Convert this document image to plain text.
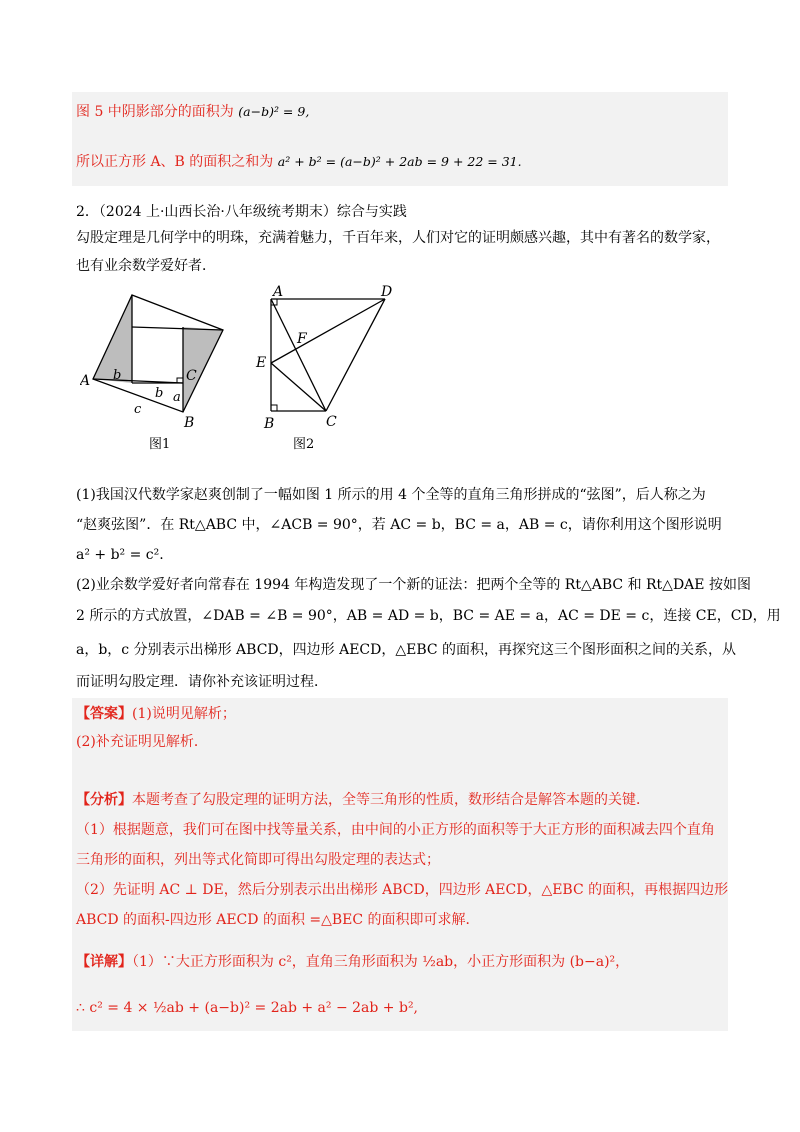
图 5 中阴影部分的面积为 (a−b)² = 9,
所以正方形 A、B 的面积之和为 a² + b² = (a−b)² + 2ab = 9 + 22 = 31.
2．（2024 上·山西长治·八年级统考期末）综合与实践
勾股定理是几何学中的明珠，充满着魅力，千百年来，人们对它的证明颇感兴趣，其中有著名的数学家，
也有业余数学爱好者．
A
B
C
b
b a
c
图1
A	D
E
F
B	C
图2
(1)我国汉代数学家赵爽创制了一幅如图 1 所示的用 4 个全等的直角三角形拼成的“弦图”，后人称之为
“赵爽弦图”．在 Rt△ABC 中，∠ACB = 90°，若 AC = b，BC = a，AB = c，请你利用这个图形说明
a² + b² = c².
(2)业余数学爱好者向常春在 1994 年构造发现了一个新的证法：把两个全等的 Rt△ABC 和 Rt△DAE 按如图
2 所示的方式放置，∠DAB = ∠B = 90°，AB = AD = b，BC = AE = a，AC = DE = c，连接 CE，CD，用
a，b，c 分别表示出梯形 ABCD，四边形 AECD，△EBC 的面积，再探究这三个图形面积之间的关系，从
而证明勾股定理．请你补充该证明过程．
【答案】(1)说明见解析；
(2)补充证明见解析．
【分析】本题考查了勾股定理的证明方法，全等三角形的性质，数形结合是解答本题的关键．
（1）根据题意，我们可在图中找等量关系，由中间的小正方形的面积等于大正方形的面积减去四个直角
三角形的面积，列出等式化简即可得出勾股定理的表达式；
（2）先证明 AC ⊥ DE，然后分别表示出出梯形 ABCD，四边形 AECD，△EBC 的面积，再根据四边形
ABCD 的面积-四边形 AECD 的面积 =△BEC 的面积即可求解．
【详解】（1）∵大正方形面积为 c²，直角三角形面积为 ½ab，小正方形面积为 (b−a)²，
∴ c² = 4 × ½ab + (a−b)² = 2ab + a² − 2ab + b²,
